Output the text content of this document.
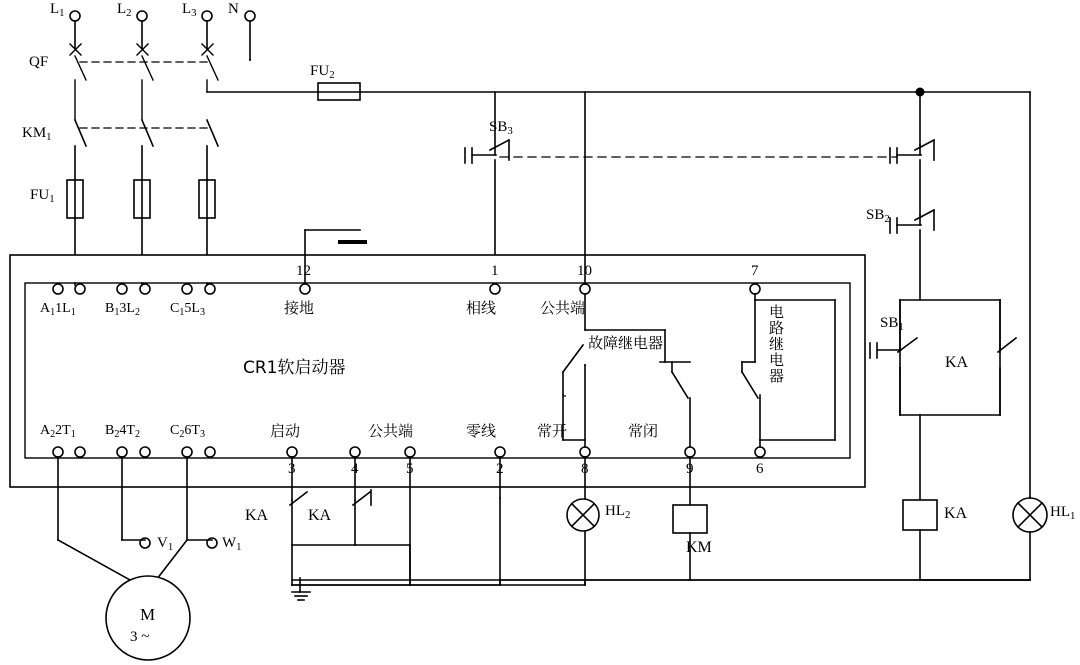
$L_1$	$L_2$	$L_3$ N
QF
$KM_1$
$FU_1$
$FU_2$
$SB_3$
$SB_2$
$SB_1$
KA
KA
KM
$HL_1$
$HL_2$
CR1软启动器
12	1	10	7
接地	相线	公共端
$A_11L_1$ $B_13L_2$ $C_15L_3$
$A_22T_1$ $B_24T_2$ $C_26T_3$	启动	公共端	零线	常开	常闭
3	4	5	2	8	9	6
故障继电器	电路继电器
KA KA
M
3 ~
$V_1$	$W_1$
